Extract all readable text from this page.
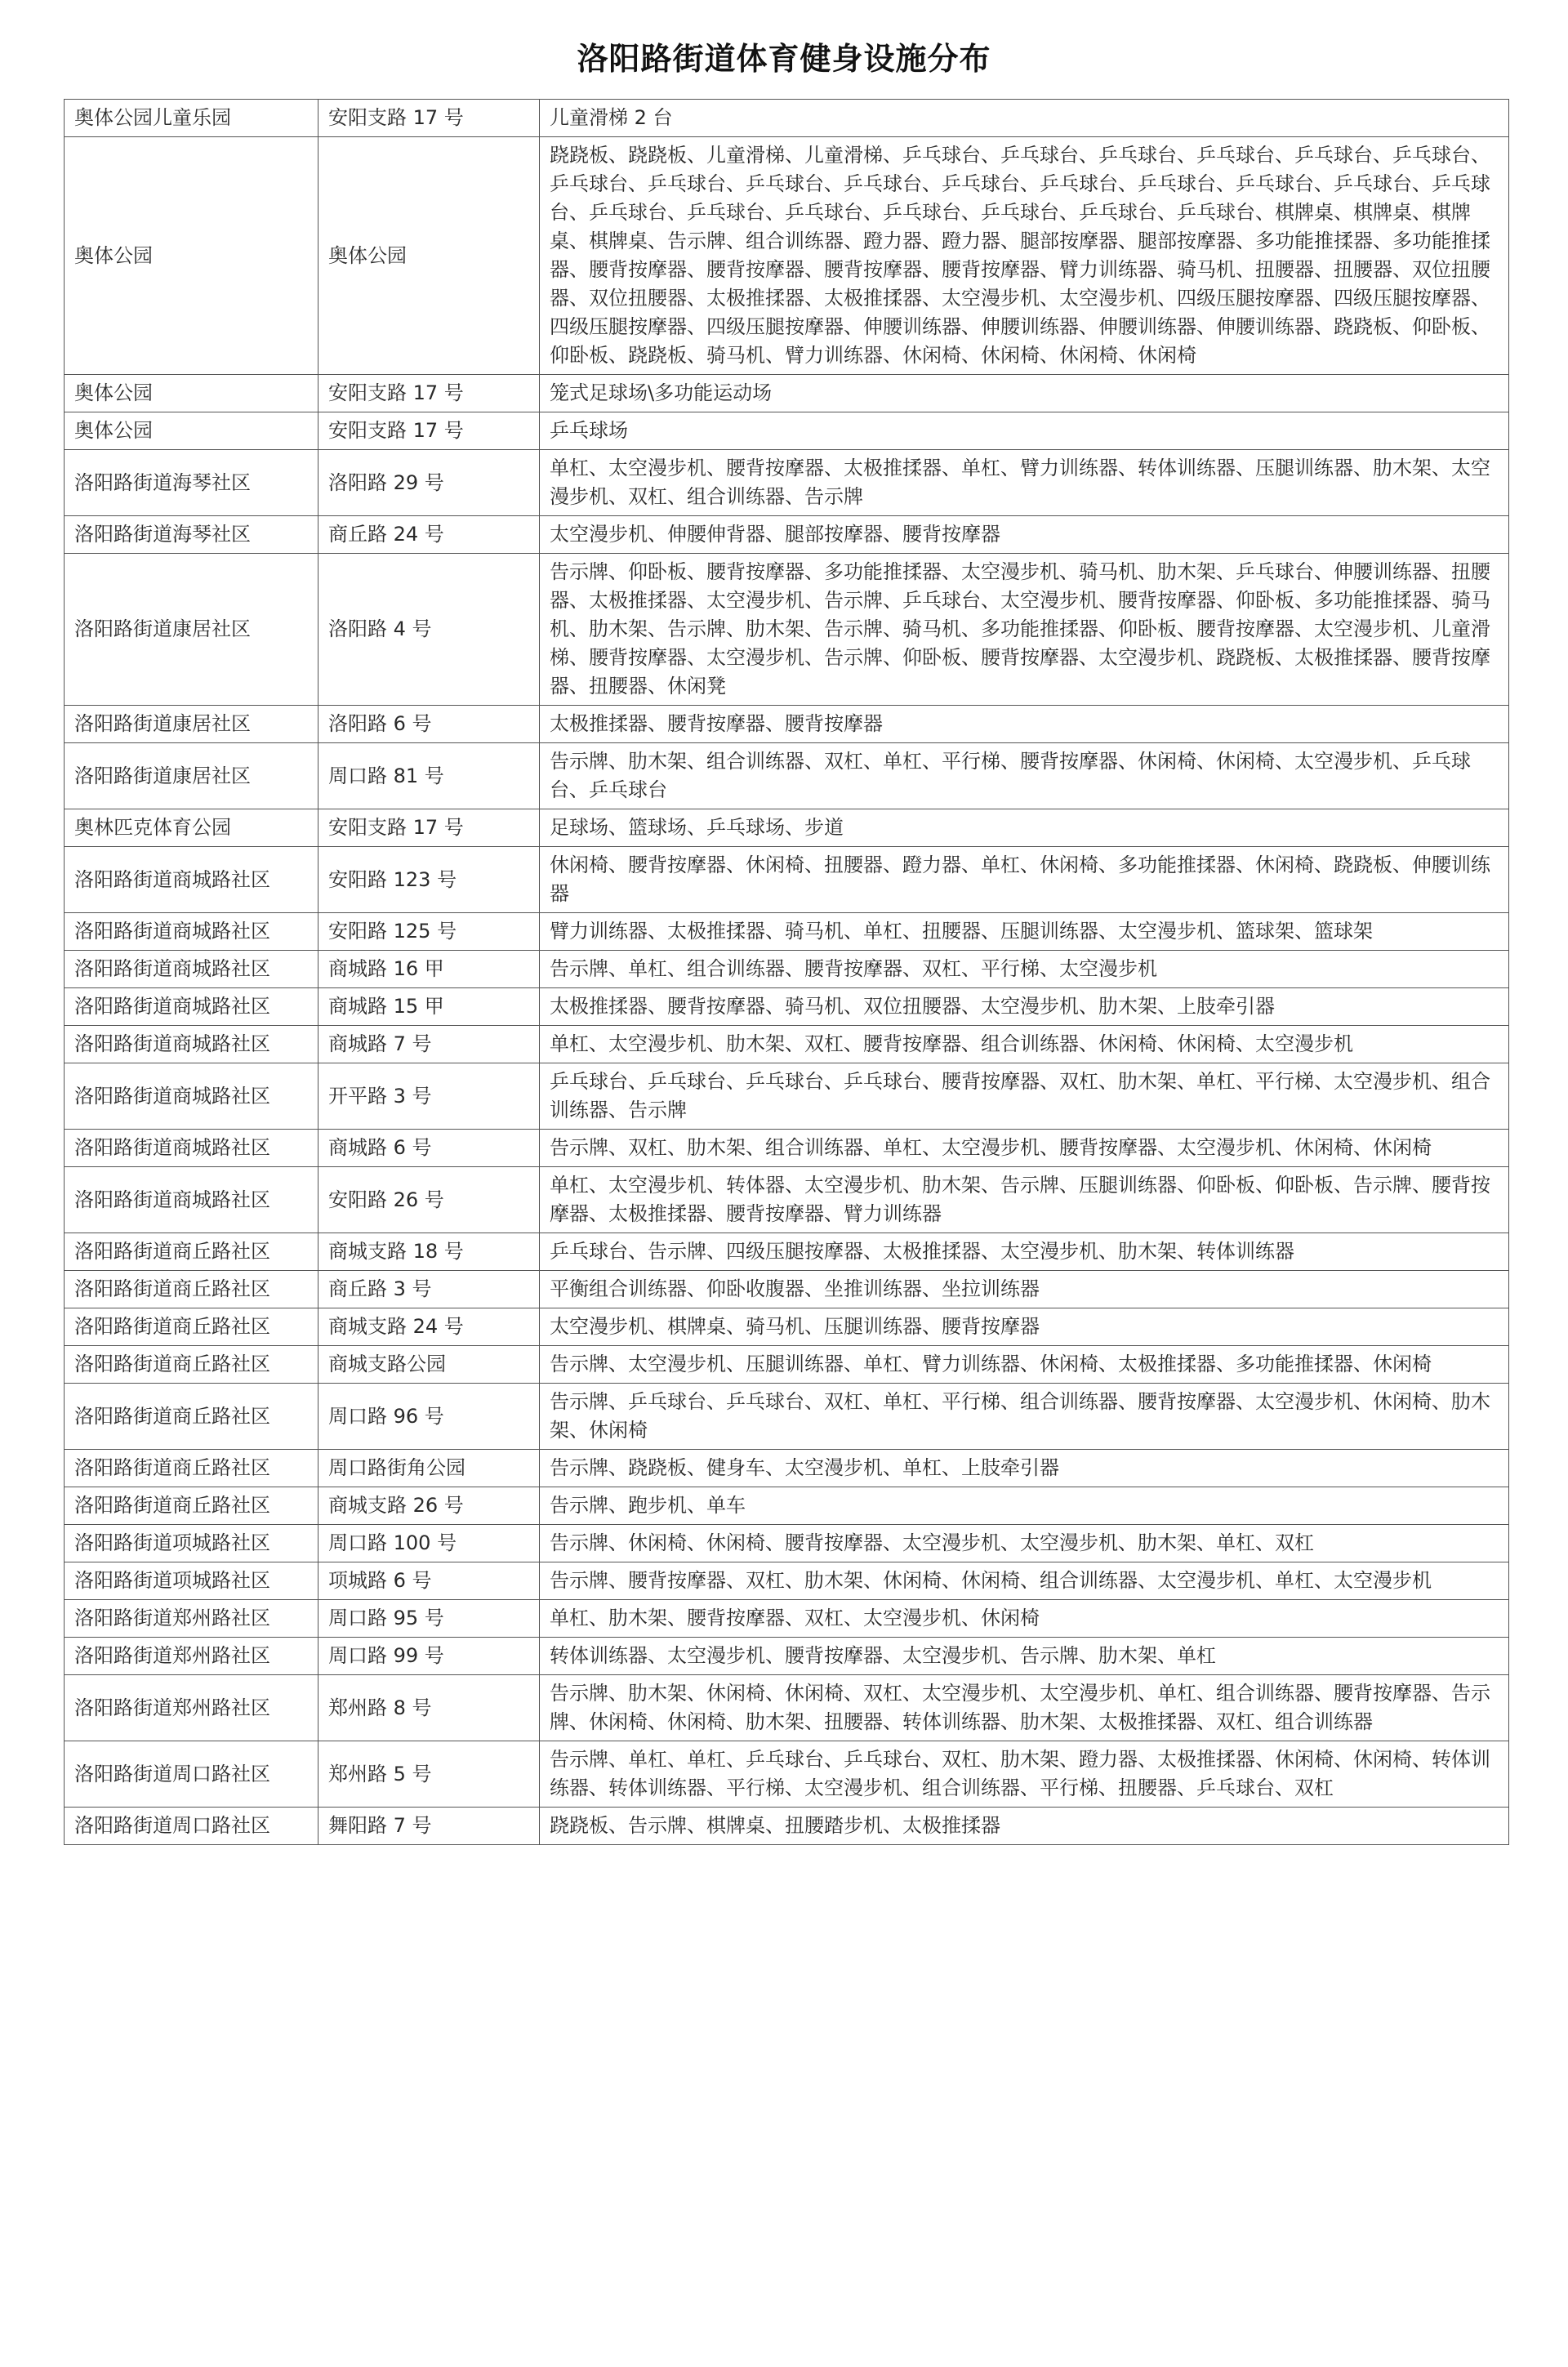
洛阳路街道体育健身设施分布
奥体公园儿童乐园	安阳支路 17 号	儿童滑梯 2 台
奥体公园	奥体公园	跷跷板、跷跷板、儿童滑梯、儿童滑梯、乒乓球台、乒乓球台、乒乓球台、乒乓球台、乒乓球台、乒乓球台、乒乓球台、乒乓球台、乒乓球台、乒乓球台、乒乓球台、乒乓球台、乒乓球台、乒乓球台、乒乓球台、乒乓球台、乒乓球台、乒乓球台、乒乓球台、乒乓球台、乒乓球台、乒乓球台、乒乓球台、棋牌桌、棋牌桌、棋牌桌、棋牌桌、告示牌、组合训练器、蹬力器、蹬力器、腿部按摩器、腿部按摩器、多功能推揉器、多功能推揉器、腰背按摩器、腰背按摩器、腰背按摩器、腰背按摩器、臂力训练器、骑马机、扭腰器、扭腰器、双位扭腰器、双位扭腰器、太极推揉器、太极推揉器、太空漫步机、太空漫步机、四级压腿按摩器、四级压腿按摩器、四级压腿按摩器、四级压腿按摩器、伸腰训练器、伸腰训练器、伸腰训练器、伸腰训练器、跷跷板、仰卧板、仰卧板、跷跷板、骑马机、臂力训练器、休闲椅、休闲椅、休闲椅、休闲椅
奥体公园	安阳支路 17 号	笼式足球场\多功能运动场
奥体公园	安阳支路 17 号	乒乓球场
洛阳路街道海琴社区	洛阳路 29 号	单杠、太空漫步机、腰背按摩器、太极推揉器、单杠、臂力训练器、转体训练器、压腿训练器、肋木架、太空漫步机、双杠、组合训练器、告示牌
洛阳路街道海琴社区	商丘路 24 号	太空漫步机、伸腰伸背器、腿部按摩器、腰背按摩器
洛阳路街道康居社区	洛阳路 4 号	告示牌、仰卧板、腰背按摩器、多功能推揉器、太空漫步机、骑马机、肋木架、乒乓球台、伸腰训练器、扭腰器、太极推揉器、太空漫步机、告示牌、乒乓球台、太空漫步机、腰背按摩器、仰卧板、多功能推揉器、骑马机、肋木架、告示牌、肋木架、告示牌、骑马机、多功能推揉器、仰卧板、腰背按摩器、太空漫步机、儿童滑梯、腰背按摩器、太空漫步机、告示牌、仰卧板、腰背按摩器、太空漫步机、跷跷板、太极推揉器、腰背按摩器、扭腰器、休闲凳
洛阳路街道康居社区	洛阳路 6 号	太极推揉器、腰背按摩器、腰背按摩器
洛阳路街道康居社区	周口路 81 号	告示牌、肋木架、组合训练器、双杠、单杠、平行梯、腰背按摩器、休闲椅、休闲椅、太空漫步机、乒乓球台、乒乓球台
奥林匹克体育公园	安阳支路 17 号	足球场、篮球场、乒乓球场、步道
洛阳路街道商城路社区	安阳路 123 号	休闲椅、腰背按摩器、休闲椅、扭腰器、蹬力器、单杠、休闲椅、多功能推揉器、休闲椅、跷跷板、伸腰训练器
洛阳路街道商城路社区	安阳路 125 号	臂力训练器、太极推揉器、骑马机、单杠、扭腰器、压腿训练器、太空漫步机、篮球架、篮球架
洛阳路街道商城路社区	商城路 16 甲	告示牌、单杠、组合训练器、腰背按摩器、双杠、平行梯、太空漫步机
洛阳路街道商城路社区	商城路 15 甲	太极推揉器、腰背按摩器、骑马机、双位扭腰器、太空漫步机、肋木架、上肢牵引器
洛阳路街道商城路社区	商城路 7 号	单杠、太空漫步机、肋木架、双杠、腰背按摩器、组合训练器、休闲椅、休闲椅、太空漫步机
洛阳路街道商城路社区	开平路 3 号	乒乓球台、乒乓球台、乒乓球台、乒乓球台、腰背按摩器、双杠、肋木架、单杠、平行梯、太空漫步机、组合训练器、告示牌
洛阳路街道商城路社区	商城路 6 号	告示牌、双杠、肋木架、组合训练器、单杠、太空漫步机、腰背按摩器、太空漫步机、休闲椅、休闲椅
洛阳路街道商城路社区	安阳路 26 号	单杠、太空漫步机、转体器、太空漫步机、肋木架、告示牌、压腿训练器、仰卧板、仰卧板、告示牌、腰背按摩器、太极推揉器、腰背按摩器、臂力训练器
洛阳路街道商丘路社区	商城支路 18 号	乒乓球台、告示牌、四级压腿按摩器、太极推揉器、太空漫步机、肋木架、转体训练器
洛阳路街道商丘路社区	商丘路 3 号	平衡组合训练器、仰卧收腹器、坐推训练器、坐拉训练器
洛阳路街道商丘路社区	商城支路 24 号	太空漫步机、棋牌桌、骑马机、压腿训练器、腰背按摩器
洛阳路街道商丘路社区	商城支路公园	告示牌、太空漫步机、压腿训练器、单杠、臂力训练器、休闲椅、太极推揉器、多功能推揉器、休闲椅
洛阳路街道商丘路社区	周口路 96 号	告示牌、乒乓球台、乒乓球台、双杠、单杠、平行梯、组合训练器、腰背按摩器、太空漫步机、休闲椅、肋木架、休闲椅
洛阳路街道商丘路社区	周口路街角公园	告示牌、跷跷板、健身车、太空漫步机、单杠、上肢牵引器
洛阳路街道商丘路社区	商城支路 26 号	告示牌、跑步机、单车
洛阳路街道项城路社区	周口路 100 号	告示牌、休闲椅、休闲椅、腰背按摩器、太空漫步机、太空漫步机、肋木架、单杠、双杠
洛阳路街道项城路社区	项城路 6 号	告示牌、腰背按摩器、双杠、肋木架、休闲椅、休闲椅、组合训练器、太空漫步机、单杠、太空漫步机
洛阳路街道郑州路社区	周口路 95 号	单杠、肋木架、腰背按摩器、双杠、太空漫步机、休闲椅
洛阳路街道郑州路社区	周口路 99 号	转体训练器、太空漫步机、腰背按摩器、太空漫步机、告示牌、肋木架、单杠
洛阳路街道郑州路社区	郑州路 8 号	告示牌、肋木架、休闲椅、休闲椅、双杠、太空漫步机、太空漫步机、单杠、组合训练器、腰背按摩器、告示牌、休闲椅、休闲椅、肋木架、扭腰器、转体训练器、肋木架、太极推揉器、双杠、组合训练器
洛阳路街道周口路社区	郑州路 5 号	告示牌、单杠、单杠、乒乓球台、乒乓球台、双杠、肋木架、蹬力器、太极推揉器、休闲椅、休闲椅、转体训练器、转体训练器、平行梯、太空漫步机、组合训练器、平行梯、扭腰器、乒乓球台、双杠
洛阳路街道周口路社区	舞阳路 7 号	跷跷板、告示牌、棋牌桌、扭腰踏步机、太极推揉器
